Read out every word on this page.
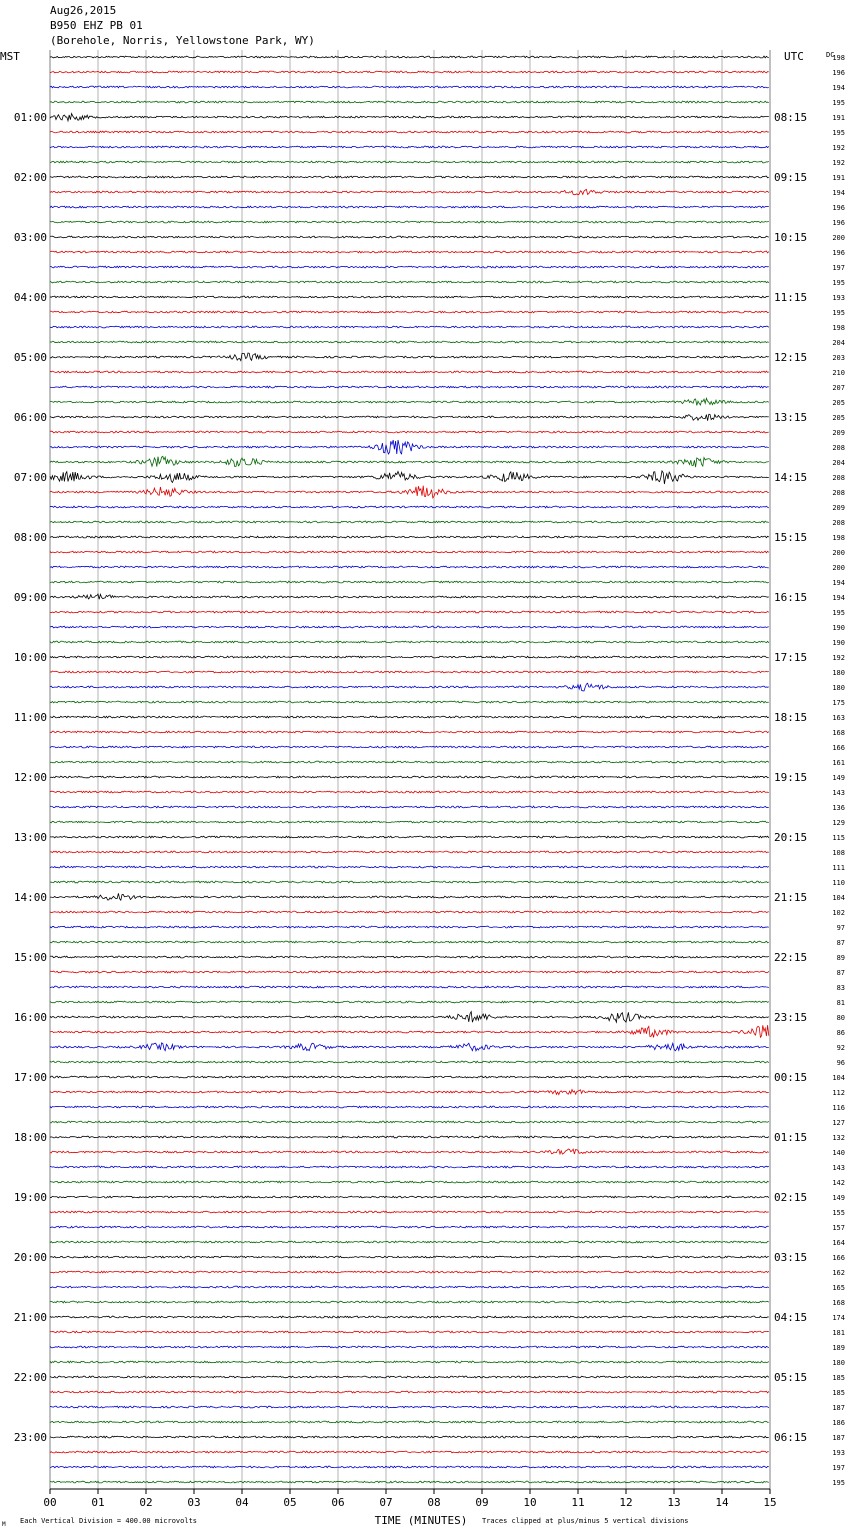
Aug26,2015
B950 EHZ PB 01
(Borehole, Norris, Yellowstone Park, WY)
01:00
02:00
03:00
04:00
05:00
06:00
07:00
08:00
09:00
10:00
11:00
12:00
13:00
14:00
15:00
16:00
17:00
18:00
19:00
20:00
21:00
22:00
23:00
08:15
09:15
10:15
11:15
12:15
13:15
14:15
15:15
16:15
17:15
18:15
19:15
20:15
21:15
22:15
23:15
00:15
01:15
02:15
03:15
04:15
05:15
06:15
198
196
194
195
191
195
192
192
191
194
196
196
200
196
197
195
193
195
198
204
203
210
207
205
205
209
208
204
208
208
209
208
198
200
200
194
194
195
190
190
192
180
180
175
163
168
166
161
149
143
136
129
115
108
111
110
104
102
97
87
89
87
83
81
80
86
92
96
104
112
116
127
132
140
143
142
149
155
157
164
166
162
165
168
174
181
189
180
185
185
187
186
187
193
197
195
00	01	02	03	04	05	06	07	08	09	10	11	12	13	14	15
MST	UTC	DC
TIME (MINUTES)
Each Vertical Division = 400.00 microvolts	Traces clipped at plus/minus 5 vertical divisions
M
